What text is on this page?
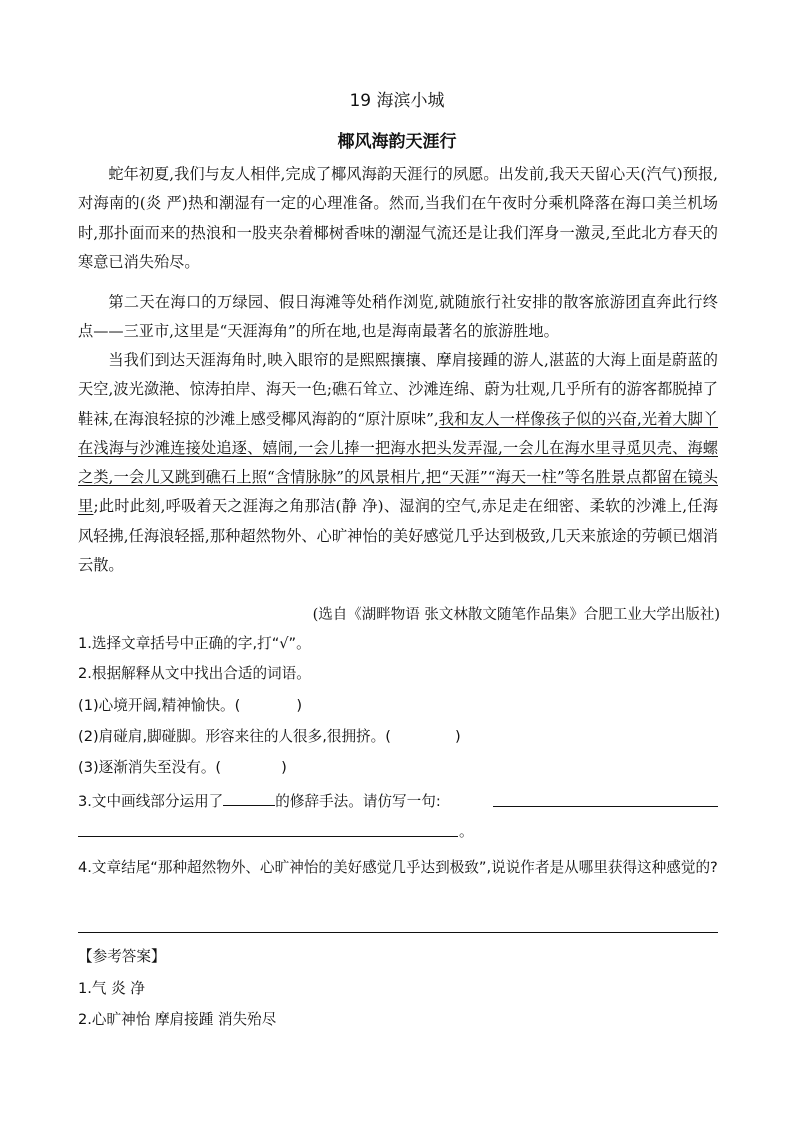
19 海滨小城
椰风海韵天涯行

蛇年初夏,我们与友人相伴,完成了椰风海韵天涯行的夙愿。出发前,我天天留心天(汽气)预报,对海南的(炎 严)热和潮湿有一定的心理准备。然而,当我们在午夜时分乘机降落在海口美兰机场时,那扑面而来的热浪和一股夹杂着椰树香味的潮湿气流还是让我们浑身一激灵,至此北方春天的寒意已消失殆尽。

第二天在海口的万绿园、假日海滩等处稍作浏览,就随旅行社安排的散客旅游团直奔此行终点——三亚市,这里是“天涯海角”的所在地,也是海南最著名的旅游胜地。

当我们到达天涯海角时,映入眼帘的是熙熙攘攘、摩肩接踵的游人,湛蓝的大海上面是蔚蓝的天空,波光潋滟、惊涛拍岸、海天一色;礁石耸立、沙滩连绵、蔚为壮观,几乎所有的游客都脱掉了鞋袜,在海浪轻掠的沙滩上感受椰风海韵的“原汁原味”,我和友人一样像孩子似的兴奋,光着大脚丫在浅海与沙滩连接处追逐、嬉闹,一会儿捧一把海水把头发弄湿,一会儿在海水里寻觅贝壳、海螺之类,一会儿又跳到礁石上照“含情脉脉”的风景相片,把“天涯”“海天一柱”等名胜景点都留在镜头里;此时此刻,呼吸着天之涯海之角那洁(静 净)、湿润的空气,赤足走在细密、柔软的沙滩上,任海风轻拂,任海浪轻摇,那种超然物外、心旷神怡的美好感觉几乎达到极致,几天来旅途的劳顿已烟消云散。

(选自《湖畔物语 张文林散文随笔作品集》合肥工业大学出版社)

1.选择文章括号中正确的字,打“√”。

2.根据解释从文中找出合适的词语。

(1)心境开阔,精神愉快。(	)

(2)肩碰肩,脚碰脚。形容来往的人很多,很拥挤。(	)

(3)逐渐消失至没有。(	)

3.文中画线部分运用了	的修辞手法。请仿写一句:

。

4.文章结尾“那种超然物外、心旷神怡的美好感觉几乎达到极致”,说说作者是从哪里获得这种感觉的?

【参考答案】

1.气 炎 净

2.心旷神怡 摩肩接踵 消失殆尽
